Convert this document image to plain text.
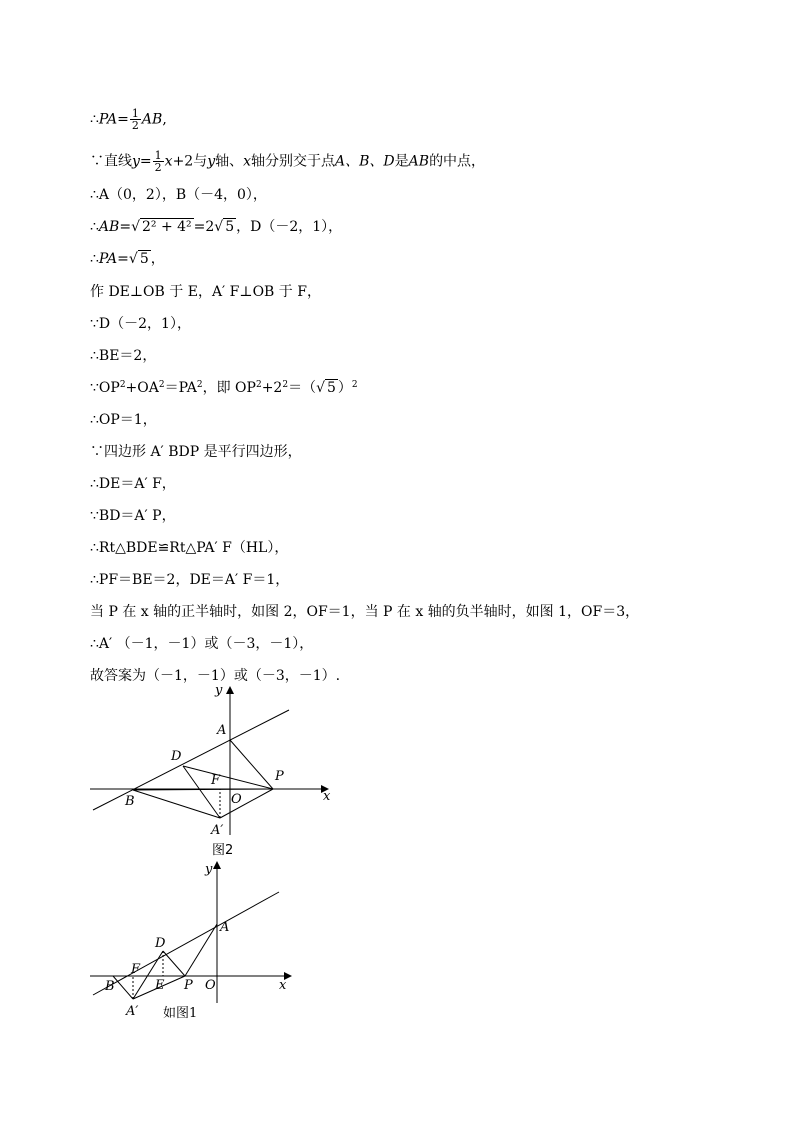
∴PA= $\frac{1}{2}$ AB,
∵直线$y= \frac{1}{2} x+2$与y轴、x轴分别交于点A、B、D是AB的中点，
∴A（0，2），B（－4，0），
∴AB=√ 2² + 4² =2√ 5 ，D（－2，1），
∴PA=√ 5 ，
作 DE⊥OB 于 E，A′ F⊥OB 于 F，
∵D（－2，1），
∴BE＝2，
$\because OP^2+OA^2=PA^2$，即 $OP^2+2^2=(√$ 5 ）$^2$
∴OP＝1，
∵四边形 A′ BDP 是平行四边形，
∴DE＝A′ F，
∵BD＝A′ P，
∴Rt△BDE≌Rt△PA′ F（HL），
∴PF＝BE＝2，DE＝A′ F＝1，
当 P 在 x 轴的正半轴时，如图 2，OF＝1，当 P 在 x 轴的负半轴时，如图 1，OF＝3，
∴A′ （－1，－1）或（－3，－1），
故答案为（－1，－1）或（－3，－1）.
y
x
A
D
F	P
B	O
A′
图2
y
x
A
D
F
B	E P O
A′ 如图1
